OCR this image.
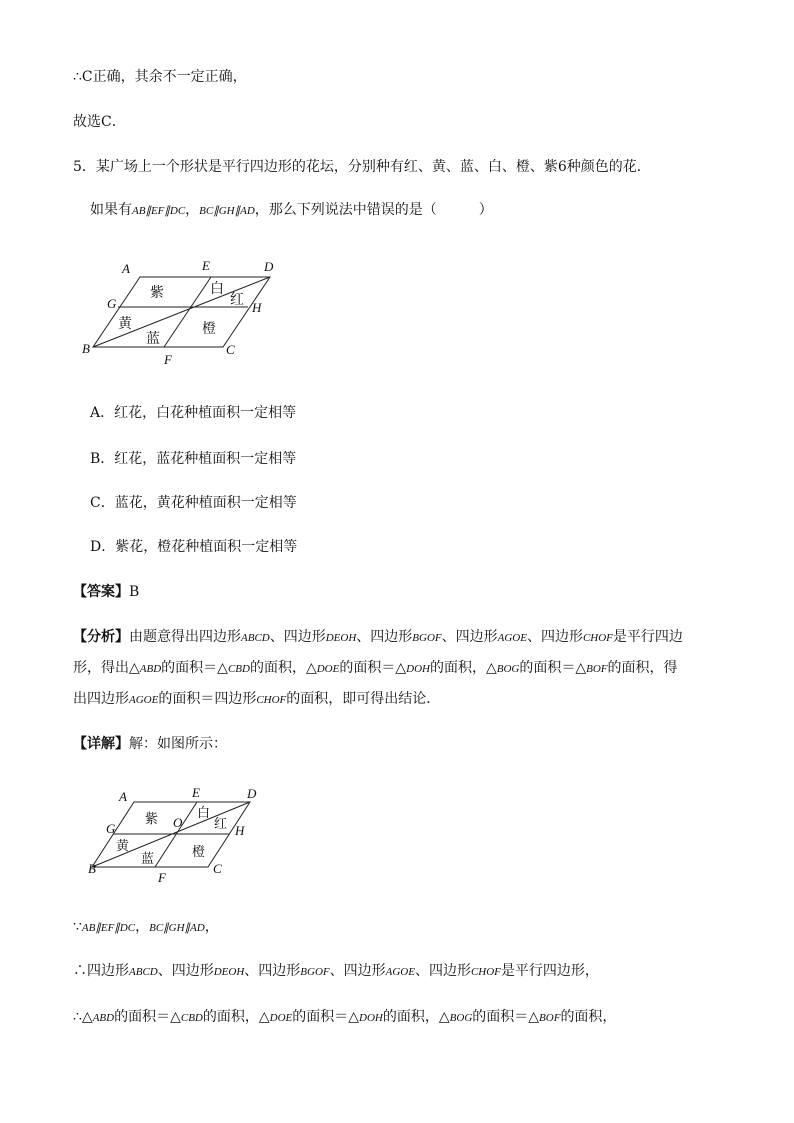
∴C正确，其余不一定正确，
故选C．
5．某广场上一个形状是平行四边形的花坛，分别种有红、黄、蓝、白、橙、紫6种颜色的花．
如果有AB∥EF∥DC，BC∥GH∥AD，那么下列说法中错误的是（　　　）
A	E	D
G	H
B
F
C
紫	白
红
黄
蓝
橙
A．红花，白花种植面积一定相等
B．红花，蓝花种植面积一定相等
C．蓝花，黄花种植面积一定相等
D．紫花，橙花种植面积一定相等
【答案】B
【分析】由题意得出四边形ABCD、四边形DEOH、四边形BGOF、四边形AGOE、四边形CHOF是平行四边
形，得出△ABD的面积＝△CBD的面积，△DOE的面积＝△DOH的面积，△BOG的面积＝△BOF的面积，得
出四边形AGOE的面积＝四边形CHOF的面积，即可得出结论．
【详解】解：如图所示：
A	E	D
G	O
H
B
F
C
紫	白
红
黄
蓝	橙
∵AB∥EF∥DC，BC∥GH∥AD，
∴四边形ABCD、四边形DEOH、四边形BGOF、四边形AGOE、四边形CHOF是平行四边形，
∴△ABD的面积＝△CBD的面积，△DOE的面积＝△DOH的面积，△BOG的面积＝△BOF的面积，
